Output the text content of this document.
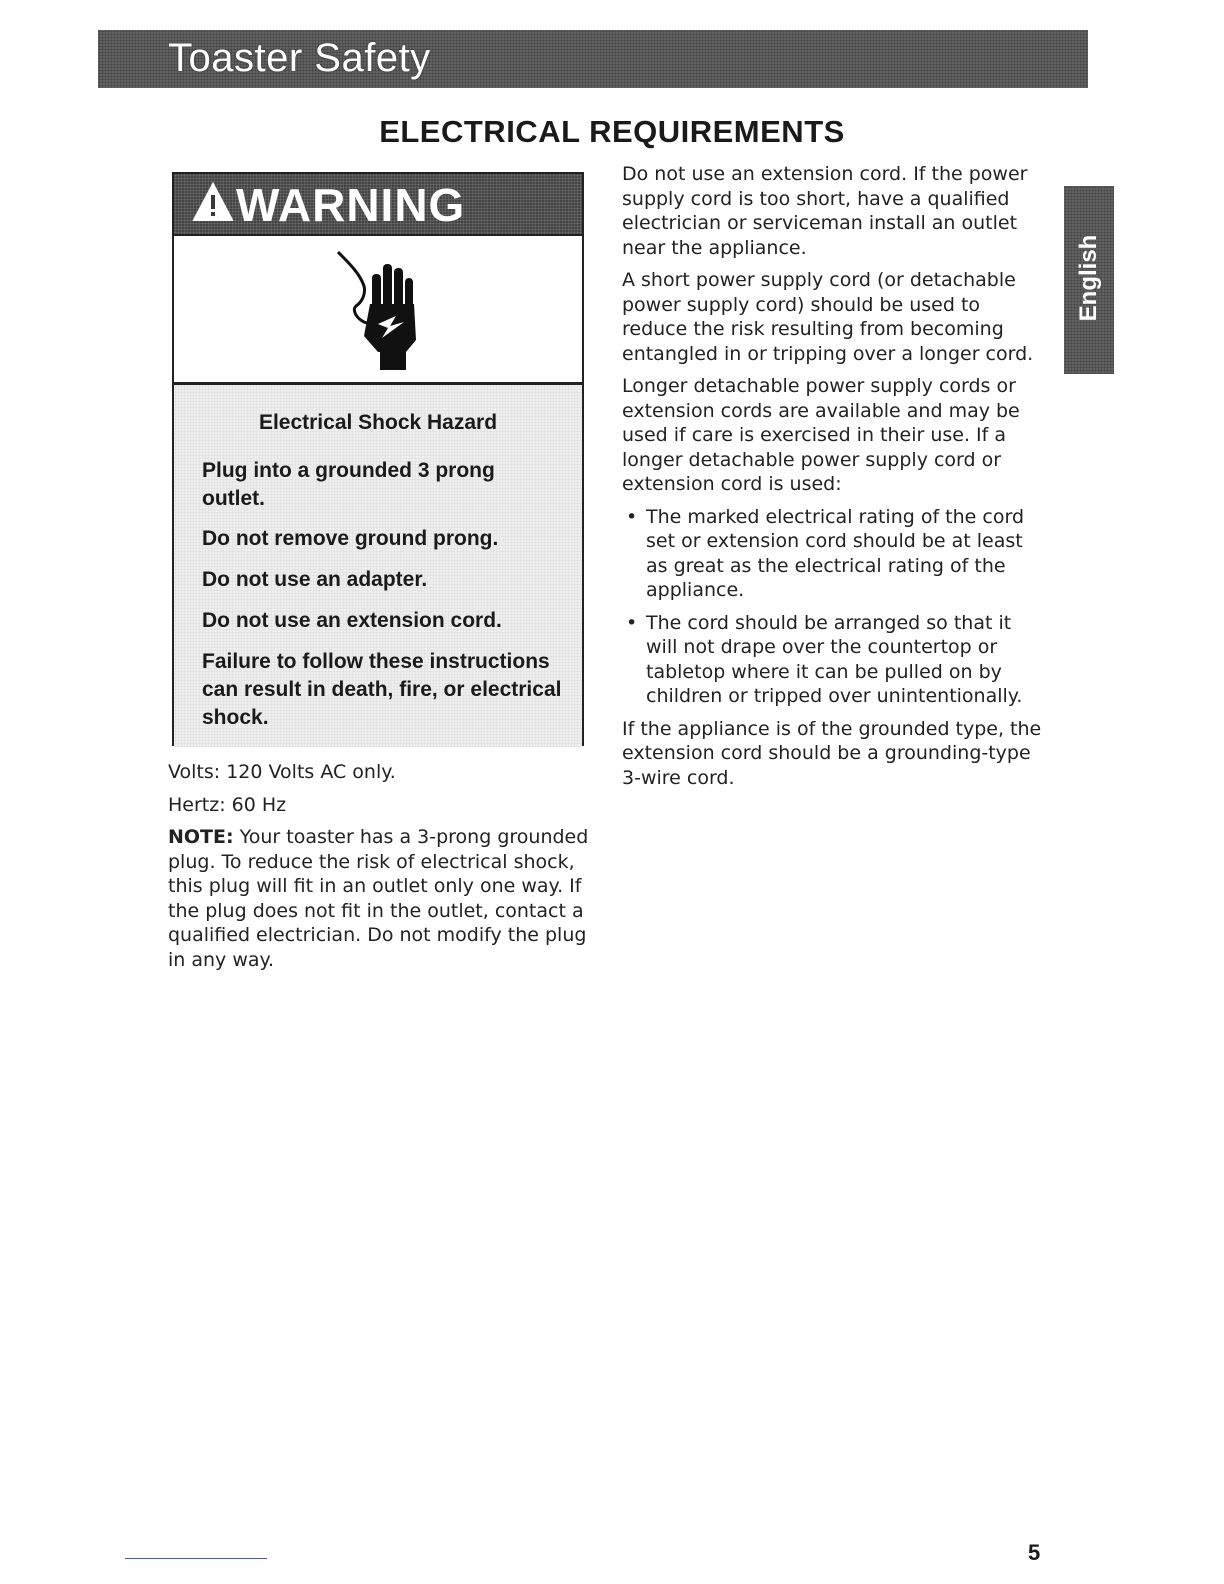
Toaster Safety
ELECTRICAL REQUIREMENTS
WARNING
Electrical Shock Hazard
Plug into a grounded 3 prong outlet.
Do not remove ground prong.
Do not use an adapter.
Do not use an extension cord.
Failure to follow these instructions can result in death, fire, or electrical shock.

Volts: 120 Volts AC only.

Hertz: 60 Hz

NOTE: Your toaster has a 3-prong grounded plug. To reduce the risk of electrical shock, this plug will fit in an outlet only one way. If the plug does not fit in the outlet, contact a qualified electrician. Do not modify the plug in any way.

Do not use an extension cord. If the power supply cord is too short, have a qualified electrician or serviceman install an outlet near the appliance.

A short power supply cord (or detachable power supply cord) should be used to reduce the risk resulting from becoming entangled in or tripping over a longer cord.

Longer detachable power supply cords or extension cords are available and may be used if care is exercised in their use. If a longer detachable power supply cord or extension cord is used:

• The marked electrical rating of the cord set or extension cord should be at least as great as the electrical rating of the appliance.
• The cord should be arranged so that it will not drape over the countertop or tabletop where it can be pulled on by children or tripped over unintentionally.

If the appliance is of the grounded type, the extension cord should be a grounding-type 3-wire cord.

English
5
